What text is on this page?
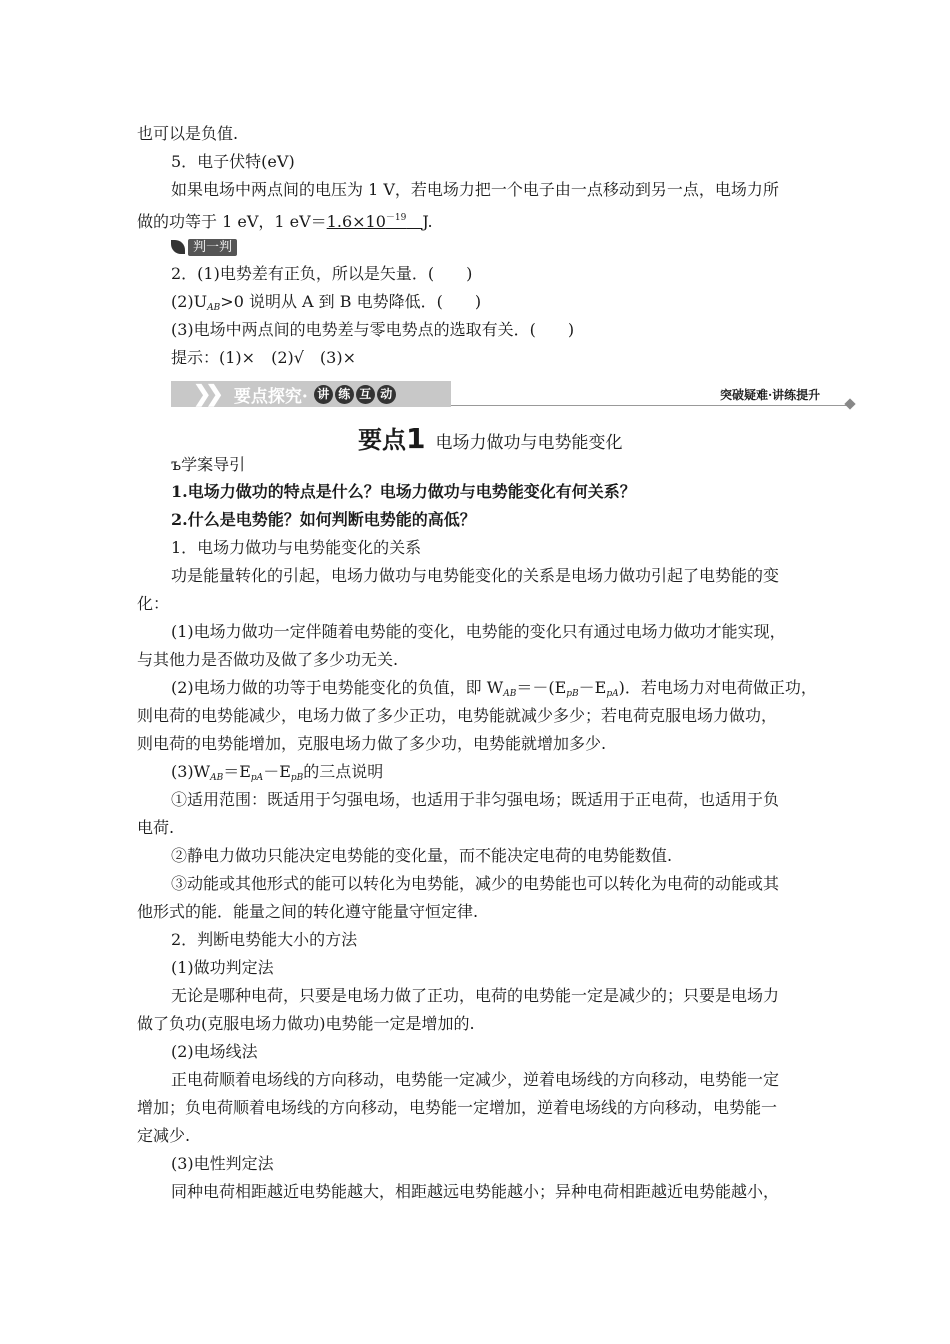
也可以是负值.
5．电子伏特(eV)
如果电场中两点间的电压为 1 V，若电场力把一个电子由一点移动到另一点，电场力所
做的功等于 1 eV，1 $eV=1.6\times 10^{-19}$　 J.
判一判
2．(1)电势差有正负，所以是矢量．(　　)
$(2)U_{AB}>0$ 说明从 A 到 B 电势降低．(　　)
(3)电场中两点间的电势差与零电势点的选取有关．(　　)
提示：(1)×　(2)√　(3)×
❯❯ 要点探究· 讲 练 互 动	突破疑难·讲练提升
要点1 电场力做功与电势能变化
ъ学案导引
1.电场力做功的特点是什么？电场力做功与电势能变化有何关系？
2.什么是电势能？如何判断电势能的高低？
1．电场力做功与电势能变化的关系
功是能量转化的引起，电场力做功与电势能变化的关系是电场力做功引起了电势能的变
化：
(1)电场力做功一定伴随着电势能的变化，电势能的变化只有通过电场力做功才能实现，
与其他力是否做功及做了多少功无关.
(2)电场力做的功等于电势能变化的负值，即 $W_{AB}=-(E_{pB}-E_{pA})$．若电场力对电荷做正功，
则电荷的电势能减少，电场力做了多少正功，电势能就减少多少；若电荷克服电场力做功，
则电荷的电势能增加，克服电场力做了多少功，电势能就增加多少.
$(3)W_{AB}=E_{pA}-E_{pB}$的三点说明
①适用范围：既适用于匀强电场，也适用于非匀强电场；既适用于正电荷，也适用于负
电荷.
②静电力做功只能决定电势能的变化量，而不能决定电荷的电势能数值.
③动能或其他形式的能可以转化为电势能，减少的电势能也可以转化为电荷的动能或其
他形式的能．能量之间的转化遵守能量守恒定律.
2．判断电势能大小的方法
(1)做功判定法
无论是哪种电荷，只要是电场力做了正功，电荷的电势能一定是减少的；只要是电场力
做了负功(克服电场力做功)电势能一定是增加的.
(2)电场线法
正电荷顺着电场线的方向移动，电势能一定减少，逆着电场线的方向移动，电势能一定
增加；负电荷顺着电场线的方向移动，电势能一定增加，逆着电场线的方向移动，电势能一
定减少.
(3)电性判定法
同种电荷相距越近电势能越大，相距越远电势能越小；异种电荷相距越近电势能越小，
